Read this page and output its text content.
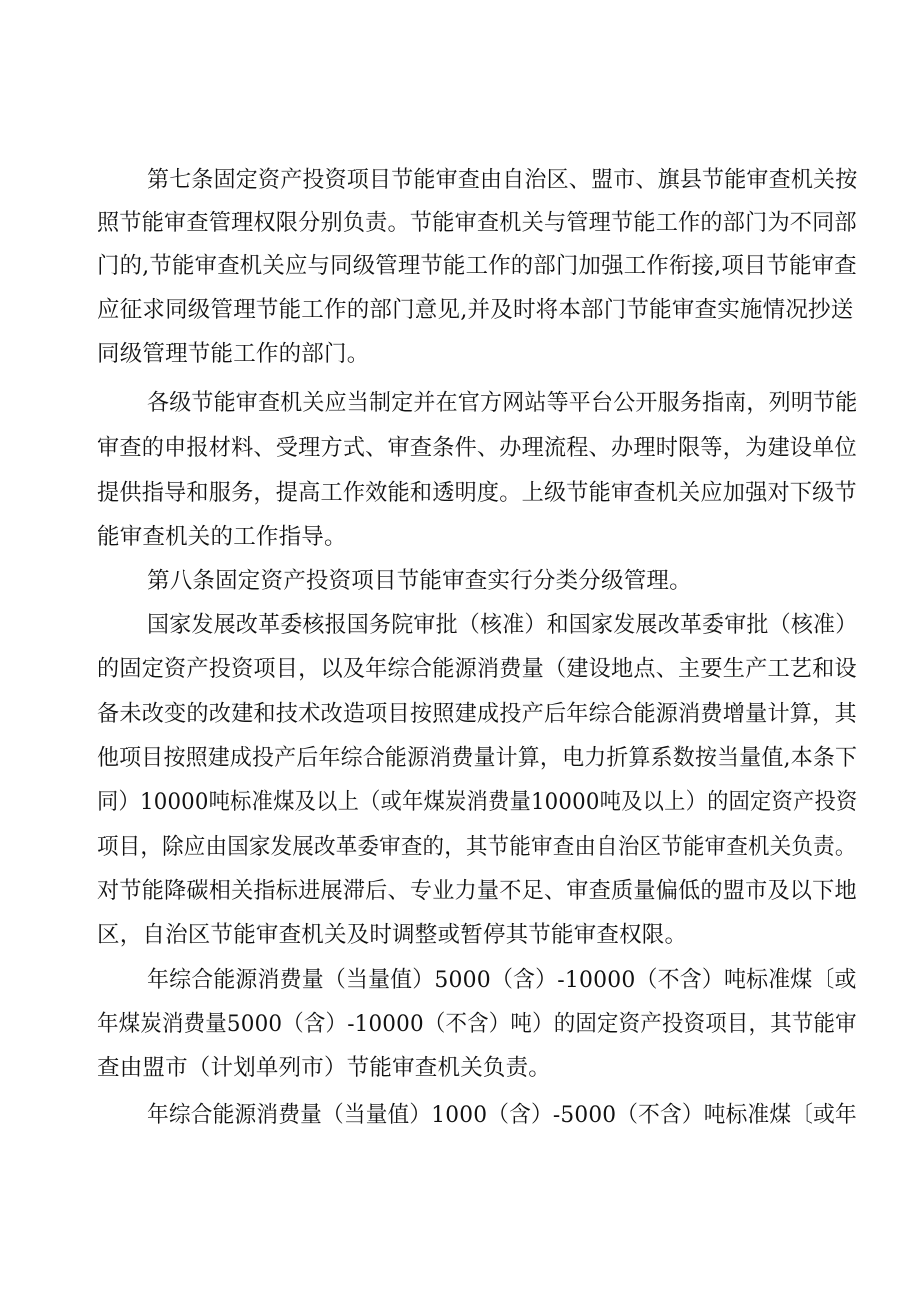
第七条固定资产投资项目节能审查由自治区、盟市、旗县节能审查机关按
照节能审查管理权限分别负责。节能审查机关与管理节能工作的部门为不同部
门的,节能审查机关应与同级管理节能工作的部门加强工作衔接,项目节能审查
应征求同级管理节能工作的部门意见,并及时将本部门节能审查实施情况抄送
同级管理节能工作的部门。
各级节能审查机关应当制定并在官方网站等平台公开服务指南，列明节能
审查的申报材料、受理方式、审查条件、办理流程、办理时限等，为建设单位
提供指导和服务，提高工作效能和透明度。上级节能审查机关应加强对下级节
能审查机关的工作指导。
第八条固定资产投资项目节能审查实行分类分级管理。
国家发展改革委核报国务院审批（核准）和国家发展改革委审批（核准）
的固定资产投资项目，以及年综合能源消费量（建设地点、主要生产工艺和设
备未改变的改建和技术改造项目按照建成投产后年综合能源消费增量计算，其
他项目按照建成投产后年综合能源消费量计算，电力折算系数按当量值,本条下
同）10000吨标准煤及以上（或年煤炭消费量10000吨及以上）的固定资产投资
项目，除应由国家发展改革委审查的，其节能审查由自治区节能审查机关负责。
对节能降碳相关指标进展滞后、专业力量不足、审查质量偏低的盟市及以下地
区，自治区节能审查机关及时调整或暂停其节能审查权限。
年综合能源消费量（当量值）5000（含）-10000（不含）吨标准煤〔或
年煤炭消费量5000（含）-10000（不含）吨）的固定资产投资项目，其节能审
查由盟市（计划单列市）节能审查机关负责。
年综合能源消费量（当量值）1000（含）-5000（不含）吨标准煤〔或年
